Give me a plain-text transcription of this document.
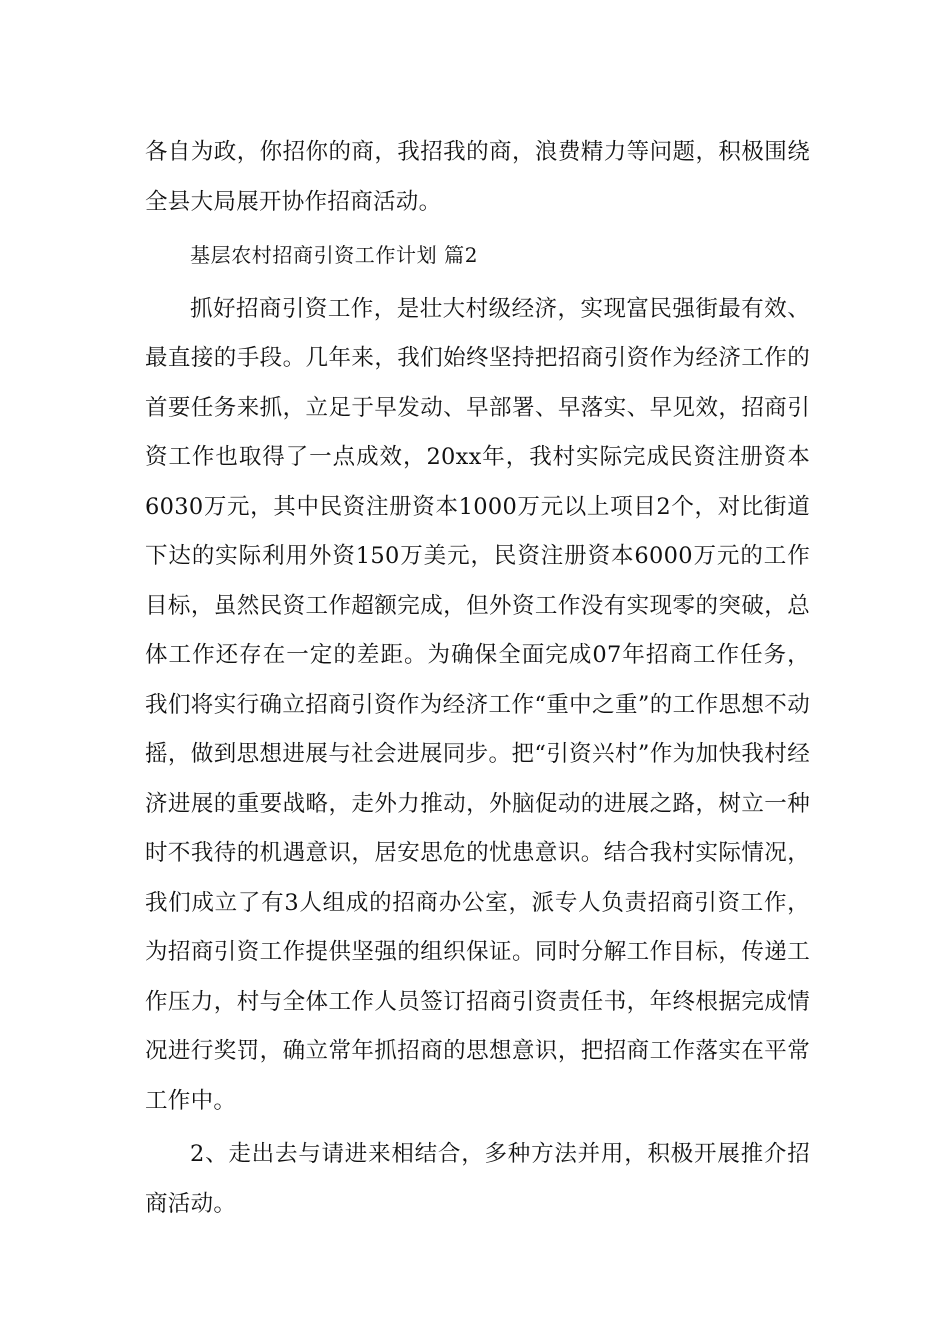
各自为政，你招你的商，我招我的商，浪费精力等问题，积极围绕全县大局展开协作招商活动。

基层农村招商引资工作计划 篇2

抓好招商引资工作，是壮大村级经济，实现富民强街最有效、最直接的手段。几年来，我们始终坚持把招商引资作为经济工作的首要任务来抓，立足于早发动、早部署、早落实、早见效，招商引资工作也取得了一点成效，20xx年，我村实际完成民资注册资本6030万元，其中民资注册资本1000万元以上项目2个，对比街道下达的实际利用外资150万美元，民资注册资本6000万元的工作目标，虽然民资工作超额完成，但外资工作没有实现零的突破，总体工作还存在一定的差距。为确保全面完成07年招商工作任务，我们将实行确立招商引资作为经济工作“重中之重”的工作思想不动摇，做到思想进展与社会进展同步。把“引资兴村”作为加快我村经济进展的重要战略，走外力推动，外脑促动的进展之路，树立一种时不我待的机遇意识，居安思危的忧患意识。结合我村实际情况，我们成立了有3人组成的招商办公室，派专人负责招商引资工作，为招商引资工作提供坚强的组织保证。同时分解工作目标，传递工作压力，村与全体工作人员签订招商引资责任书，年终根据完成情况进行奖罚，确立常年抓招商的思想意识，把招商工作落实在平常工作中。

2、走出去与请进来相结合，多种方法并用，积极开展推介招商活动。
